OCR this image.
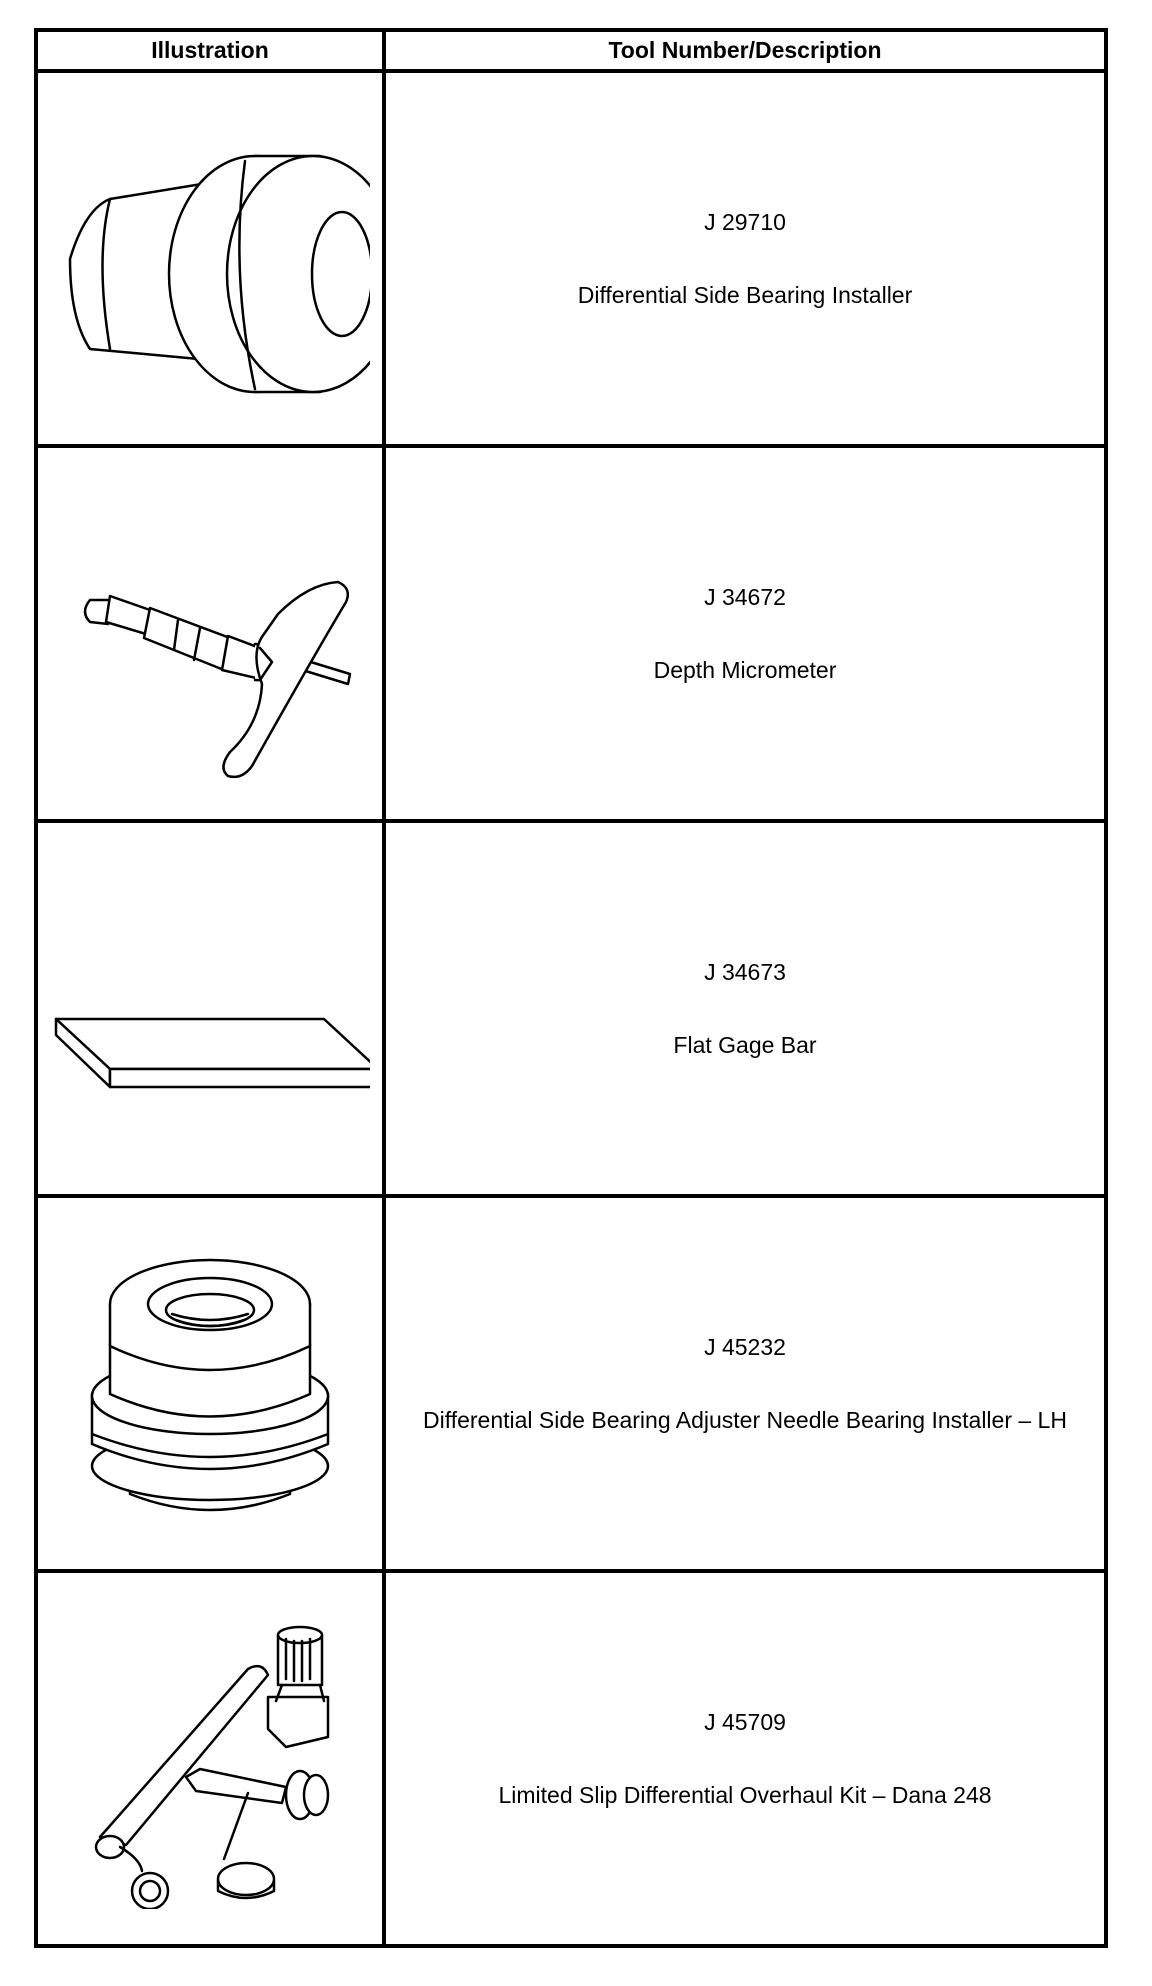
Illustration	Tool Number/Description

J 29710
Differential Side Bearing Installer

J 34672
Depth Micrometer

J 34673
Flat Gage Bar

J 45232
Differential Side Bearing Adjuster Needle Bearing Installer – LH

J 45709
Limited Slip Differential Overhaul Kit – Dana 248
